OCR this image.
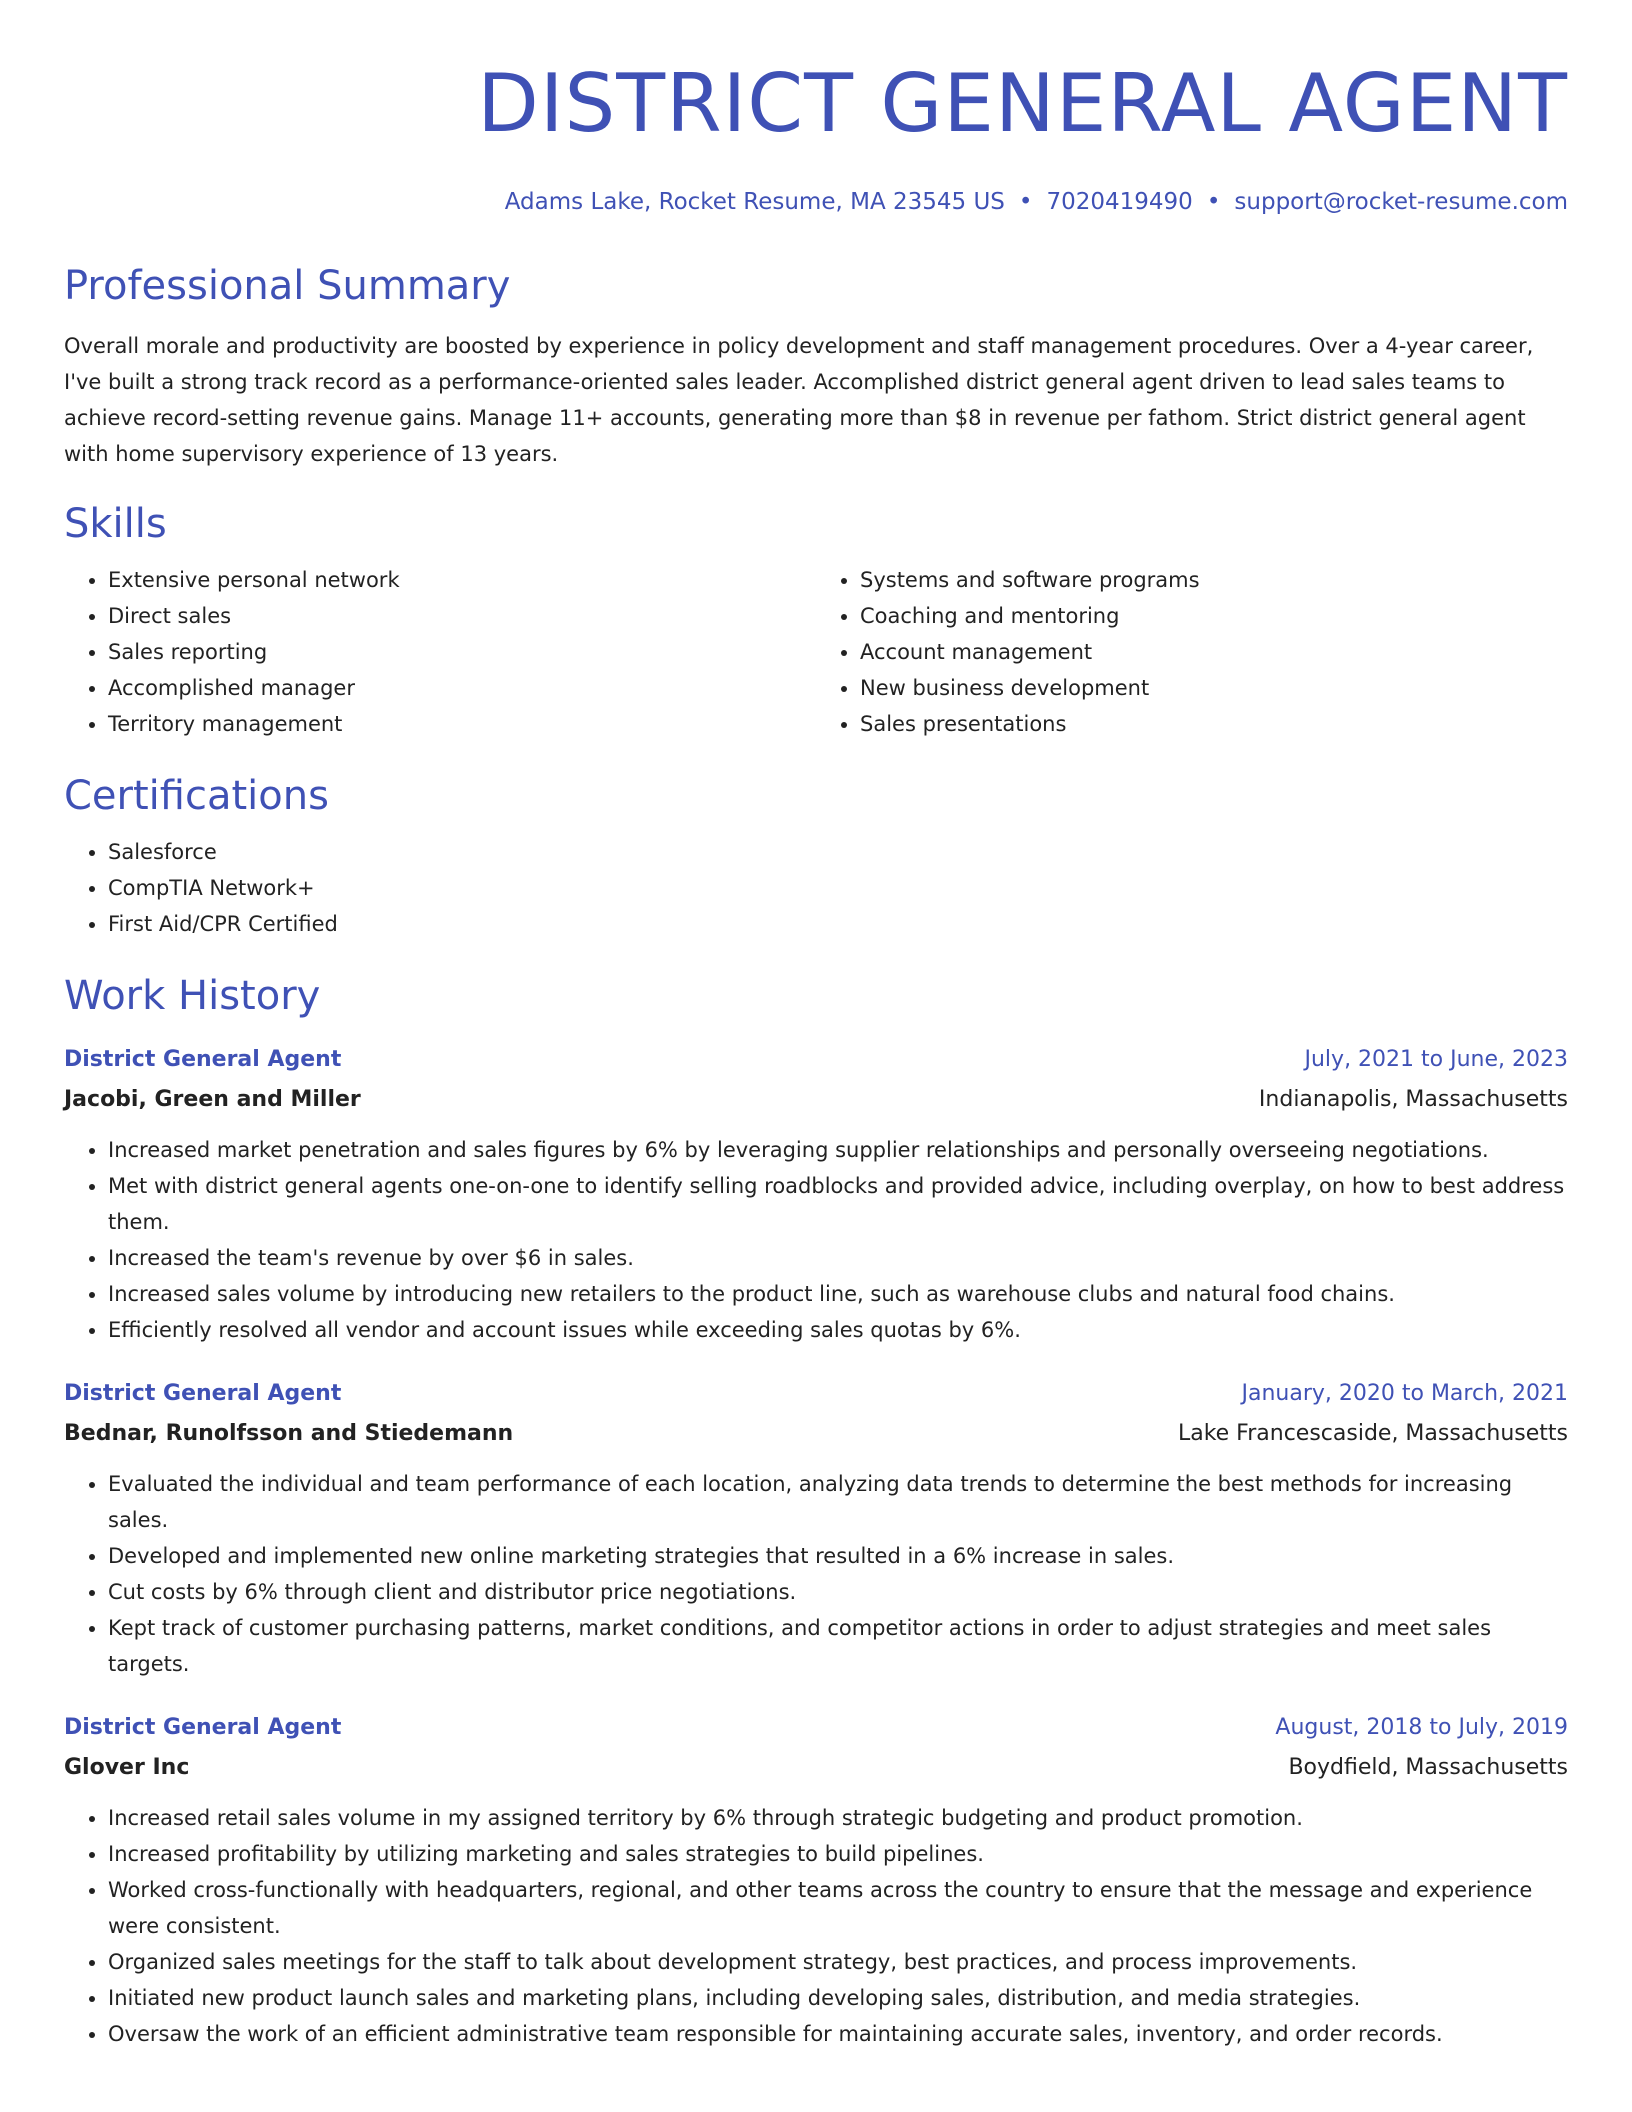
DISTRICT GENERAL AGENT
Adams Lake, Rocket Resume, MA 23545 US • 7020419490 • support@rocket-resume.com
Professional Summary

Overall morale and productivity are boosted by experience in policy development and staff management procedures. Over a 4-year career, I've built a strong track record as a performance-oriented sales leader. Accomplished district general agent driven to lead sales teams to achieve record-setting revenue gains. Manage 11+ accounts, generating more than $8 in revenue per fathom. Strict district general agent with home supervisory experience of 13 years.

Skills
• Extensive personal network
• Direct sales
• Sales reporting
• Accomplished manager
• Territory management
• Systems and software programs
• Coaching and mentoring
• Account management
• New business development
• Sales presentations
Certifications
• Salesforce
• CompTIA Network+
• First Aid/CPR Certified
Work History
District General Agent	July, 2021 to June, 2023
Jacobi, Green and Miller	Indianapolis, Massachusetts
• Increased market penetration and sales figures by 6% by leveraging supplier relationships and personally overseeing negotiations.
• Met with district general agents one-on-one to identify selling roadblocks and provided advice, including overplay, on how to best address them.
• Increased the team's revenue by over $6 in sales.
• Increased sales volume by introducing new retailers to the product line, such as warehouse clubs and natural food chains.
• Efficiently resolved all vendor and account issues while exceeding sales quotas by 6%.
District General Agent	January, 2020 to March, 2021
Bednar, Runolfsson and Stiedemann	Lake Francescaside, Massachusetts
• Evaluated the individual and team performance of each location, analyzing data trends to determine the best methods for increasing sales.
• Developed and implemented new online marketing strategies that resulted in a 6% increase in sales.
• Cut costs by 6% through client and distributor price negotiations.
• Kept track of customer purchasing patterns, market conditions, and competitor actions in order to adjust strategies and meet sales targets.
District General Agent	August, 2018 to July, 2019
Glover Inc	Boydfield, Massachusetts
• Increased retail sales volume in my assigned territory by 6% through strategic budgeting and product promotion.
• Increased profitability by utilizing marketing and sales strategies to build pipelines.
• Worked cross-functionally with headquarters, regional, and other teams across the country to ensure that the message and experience were consistent.
• Organized sales meetings for the staff to talk about development strategy, best practices, and process improvements.
• Initiated new product launch sales and marketing plans, including developing sales, distribution, and media strategies.
• Oversaw the work of an efficient administrative team responsible for maintaining accurate sales, inventory, and order records.
